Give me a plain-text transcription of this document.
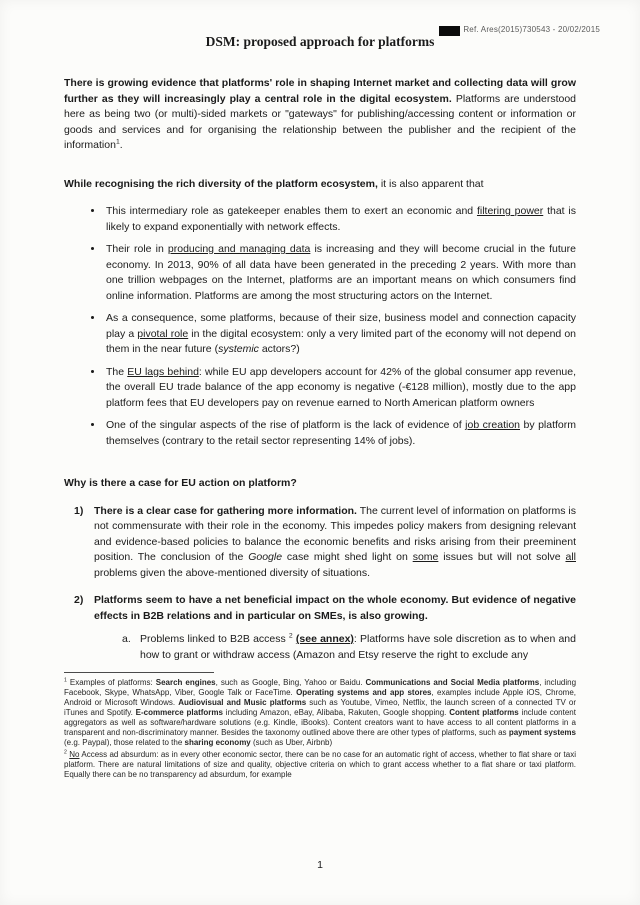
Ref. Ares(2015)730543 - 20/02/2015
DSM: proposed approach for platforms

There is growing evidence that platforms' role in shaping Internet market and collecting data will grow further as they will increasingly play a central role in the digital ecosystem. Platforms are understood here as being two (or multi)-sided markets or "gateways" for publishing/accessing content or information or goods and services and for organising the relationship between the publisher and the recipient of the information$^1$.

While recognising the rich diversity of the platform ecosystem, it is also apparent that

• This intermediary role as gatekeeper enables them to exert an economic and filtering power that is likely to expand exponentially with network effects.
• Their role in producing and managing data is increasing and they will become crucial in the future economy. In 2013, 90% of all data have been generated in the preceding 2 years. With more than one trillion webpages on the Internet, platforms are an important means on which consumers find online information. Platforms are among the most structuring actors on the Internet.
• As a consequence, some platforms, because of their size, business model and connection capacity play a pivotal role in the digital ecosystem: only a very limited part of the economy will not depend on them in the near future (systemic actors?)
• The EU lags behind: while EU app developers account for 42% of the global consumer app revenue, the overall EU trade balance of the app economy is negative (-€128 million), mostly due to the app platform fees that EU developers pay on revenue earned to North American platform owners
• One of the singular aspects of the rise of platform is the lack of evidence of job creation by platform themselves (contrary to the retail sector representing 14% of jobs).

Why is there a case for EU action on platform?

1)	There is a clear case for gathering more information. The current level of information on platforms is not commensurate with their role in the economy. This impedes policy makers from designing relevant and evidence-based policies to balance the economic benefits and risks arising from their preeminent position. The conclusion of the Google case might shed light on some issues but will not solve all problems given the above-mentioned diversity of situations.
2)	Platforms seem to have a net beneficial impact on the whole economy. But evidence of negative effects in B2B relations and in particular on SMEs, is also growing.
a. Problems linked to B2B access $^2$ (see annex): Platforms have sole discretion as to when and how to grant or withdraw access (Amazon and Etsy reserve the right to exclude any

$^1$ Examples of platforms: Search engines, such as Google, Bing, Yahoo or Baidu. Communications and Social Media platforms, including Facebook, Skype, WhatsApp, Viber, Google Talk or FaceTime. Operating systems and app stores, examples include Apple iOS, Chrome, Android or Microsoft Windows. Audiovisual and Music platforms such as Youtube, Vimeo, Netflix, the launch screen of a connected TV or iTunes and Spotify. E-commerce platforms including Amazon, eBay, Alibaba, Rakuten, Google shopping. Content platforms include content aggregators as well as software/hardware solutions (e.g. Kindle, iBooks). Content creators want to have access to all content platforms in a transparent and non-discriminatory manner. Besides the taxonomy outlined above there are other types of platforms, such as payment systems (e.g. Paypal), those related to the sharing economy (such as Uber, Airbnb)

$^2$ No Access ad absurdum: as in every other economic sector, there can be no case for an automatic right of access, whether to flat share or taxi platform. There are natural limitations of size and quality, objective criteria on which to grant access whether to a flat share or taxi platform. Equally there can be no transparency ad absurdum, for example

1
